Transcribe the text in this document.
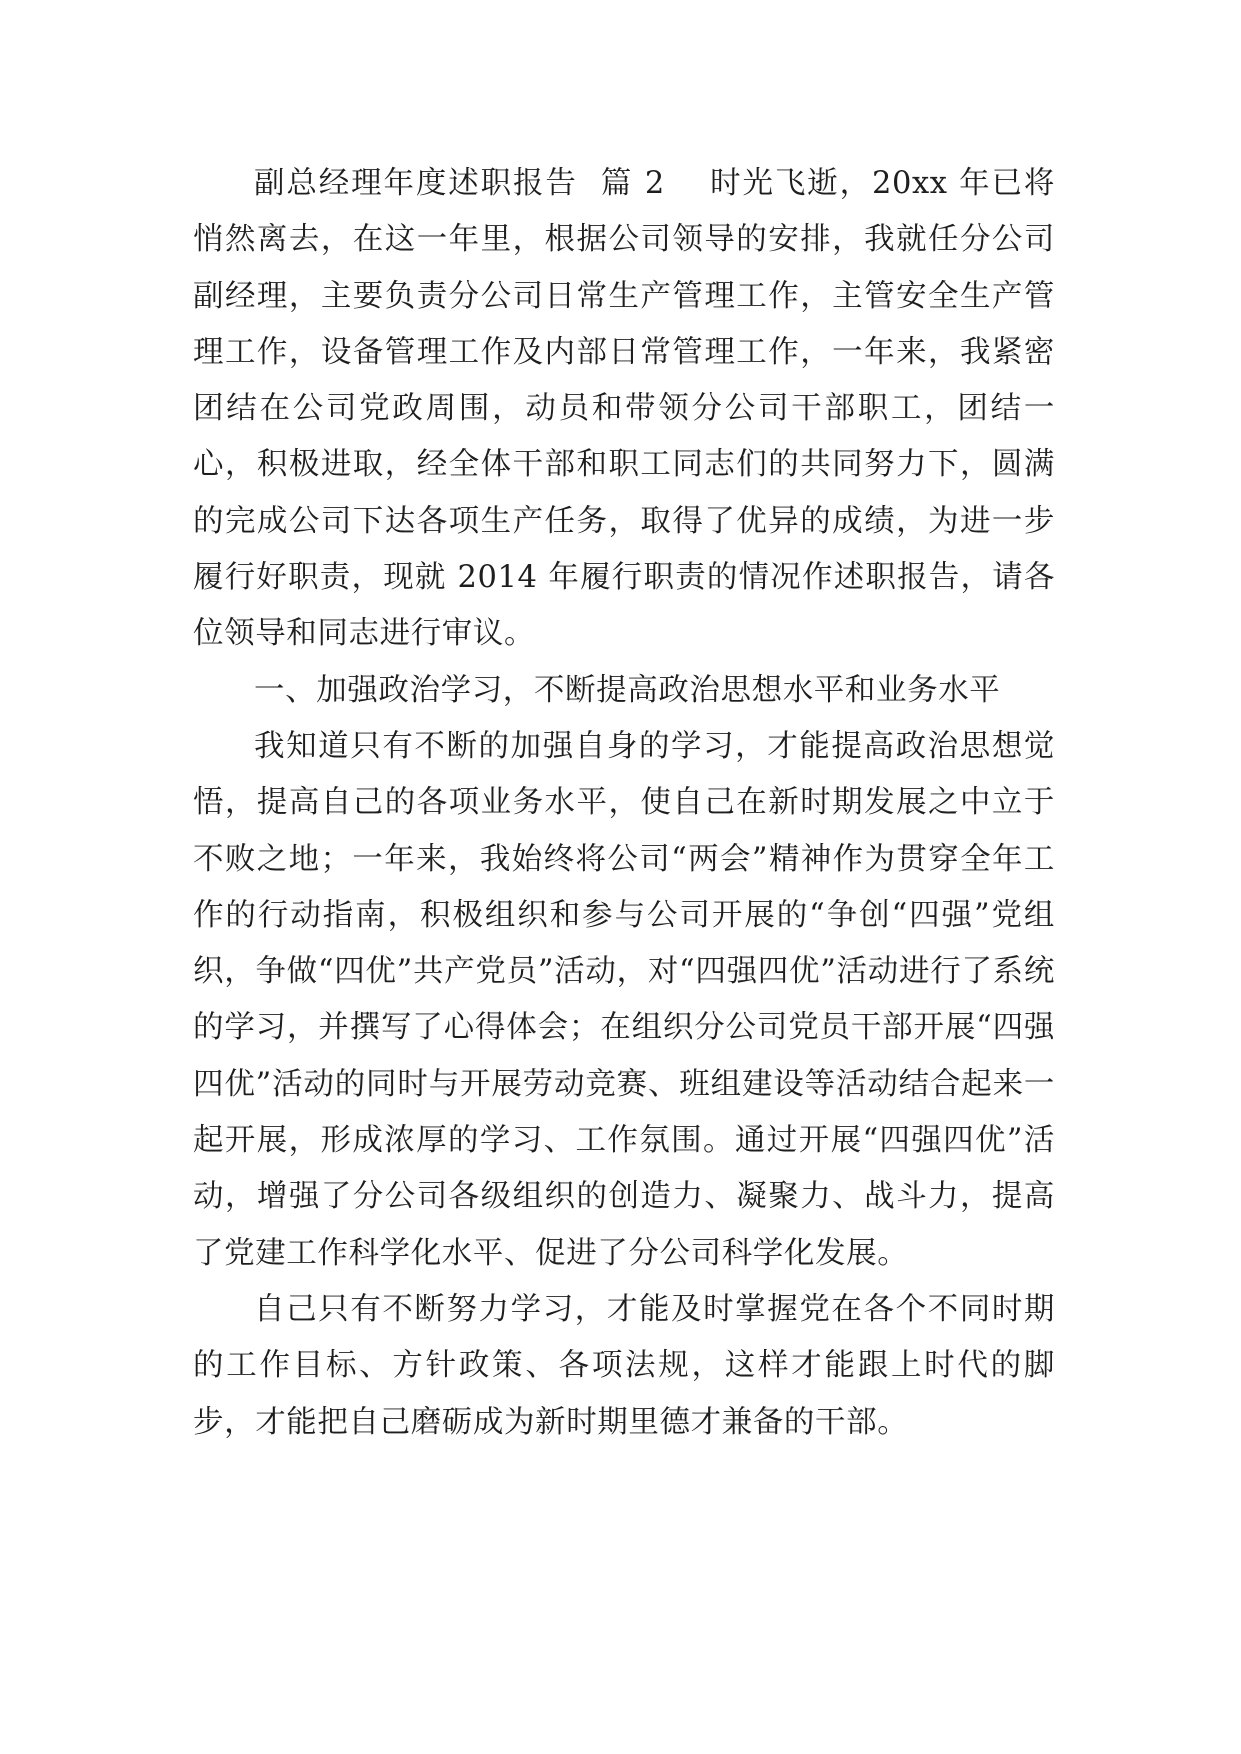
副总经理年度述职报告 篇 2 时光飞逝，20xx 年已将悄然离去，在这一年里，根据公司领导的安排，我就任分公司副经理，主要负责分公司日常生产管理工作，主管安全生产管理工作，设备管理工作及内部日常管理工作，一年来，我紧密团结在公司党政周围，动员和带领分公司干部职工，团结一心，积极进取，经全体干部和职工同志们的共同努力下，圆满的完成公司下达各项生产任务，取得了优异的成绩，为进一步履行好职责，现就 2014 年履行职责的情况作述职报告，请各位领导和同志进行审议。

一、加强政治学习，不断提高政治思想水平和业务水平

我知道只有不断的加强自身的学习，才能提高政治思想觉悟，提高自己的各项业务水平，使自己在新时期发展之中立于不败之地；一年来，我始终将公司“两会”精神作为贯穿全年工作的行动指南，积极组织和参与公司开展的“争创“四强”党组织，争做“四优”共产党员”活动，对“四强四优”活动进行了系统的学习，并撰写了心得体会；在组织分公司党员干部开展“四强四优”活动的同时与开展劳动竞赛、班组建设等活动结合起来一起开展，形成浓厚的学习、工作氛围。通过开展“四强四优”活动，增强了分公司各级组织的创造力、凝聚力、战斗力，提高了党建工作科学化水平、促进了分公司科学化发展。

自己只有不断努力学习，才能及时掌握党在各个不同时期的工作目标、方针政策、各项法规，这样才能跟上时代的脚步，才能把自己磨砺成为新时期里德才兼备的干部。
